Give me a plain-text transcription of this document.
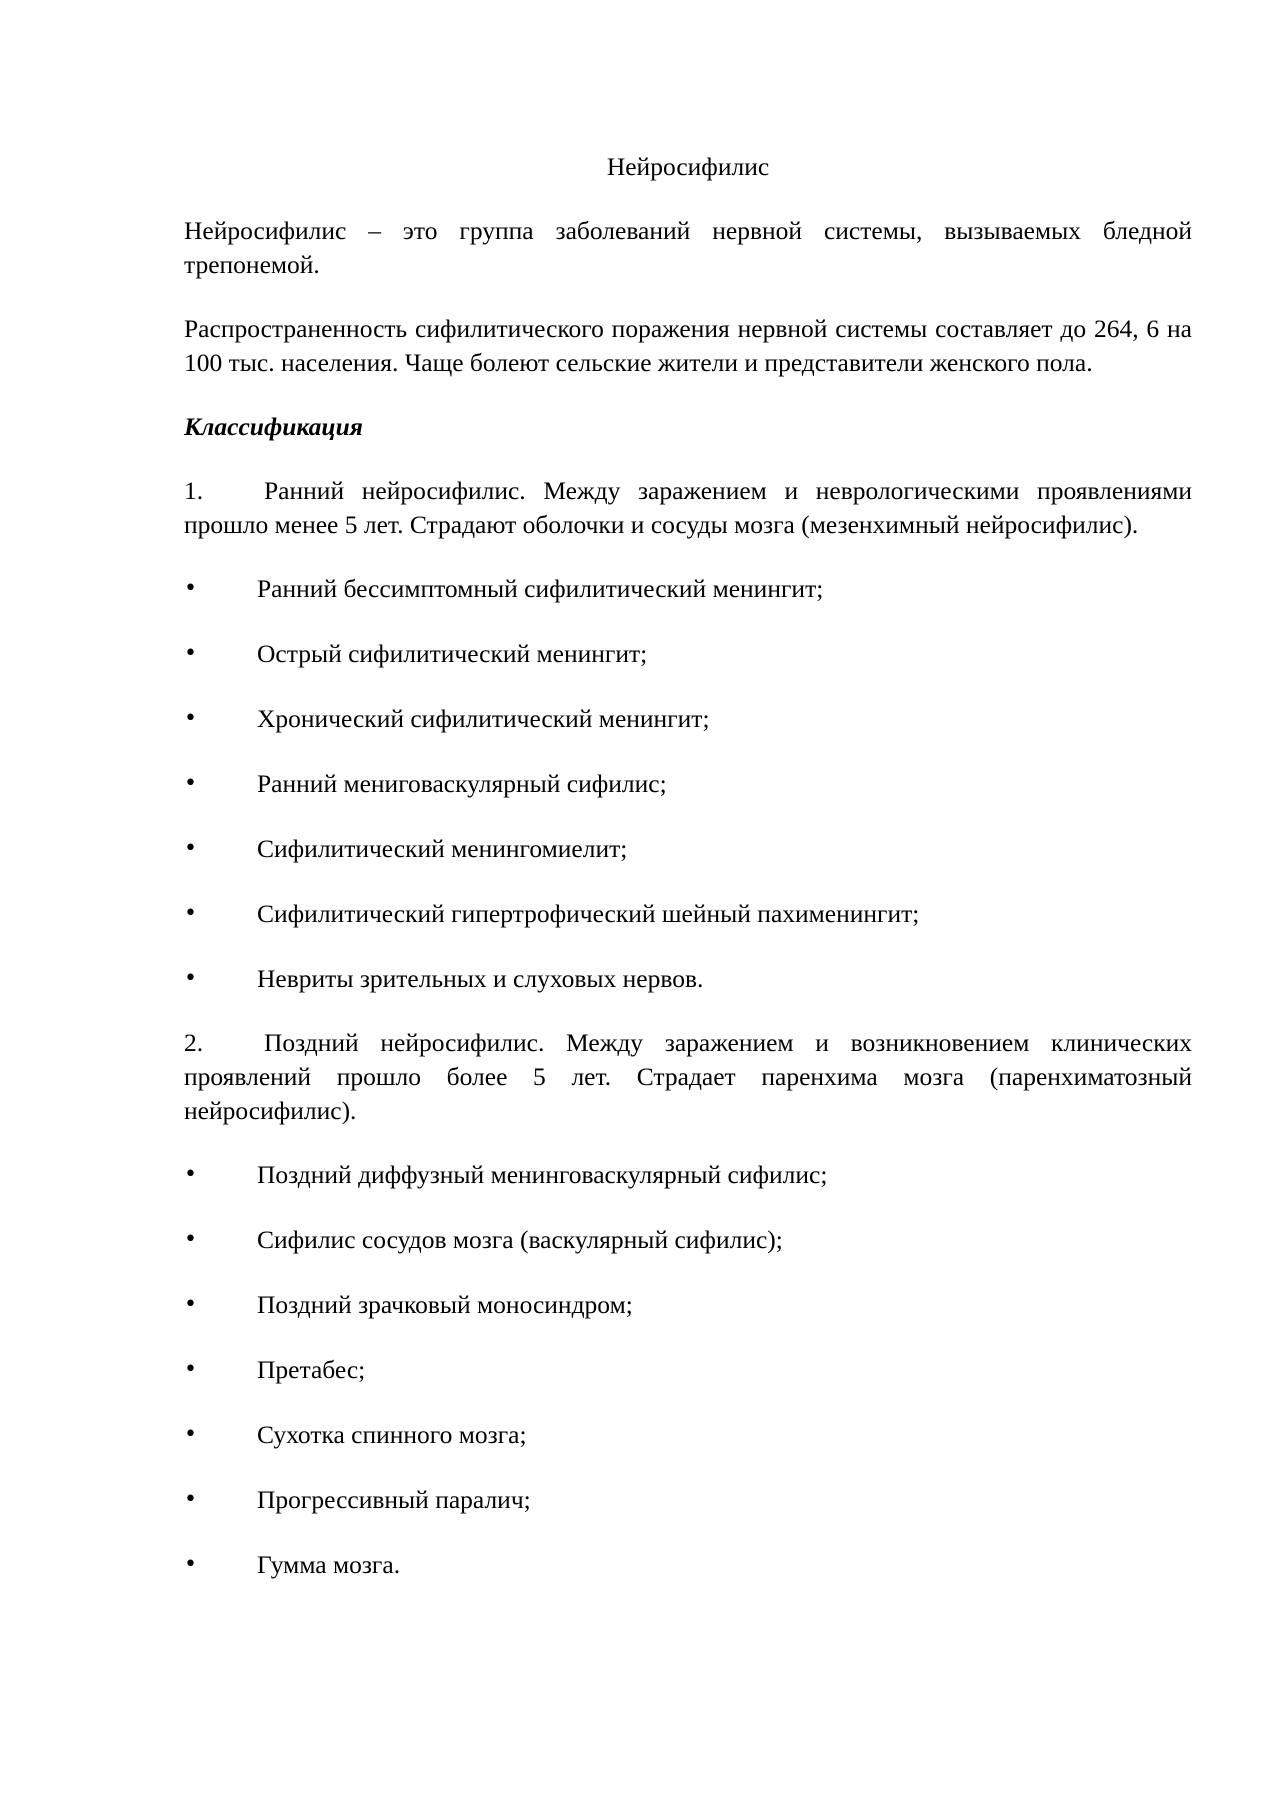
Нейросифилис

Нейросифилис – это группа заболеваний нервной системы, вызываемых бледной трепонемой.

Распространенность сифилитического поражения нервной системы составляет до 264, 6 на 100 тыс. населения. Чаще болеют сельские жители и представители женского пола.

Классификация

1. Ранний нейросифилис. Между заражением и неврологическими проявлениями прошло менее 5 лет. Страдают оболочки и сосуды мозга (мезенхимный нейросифилис).

• Ранний бессимптомный сифилитический менингит;
• Острый сифилитический менингит;
• Хронический сифилитический менингит;
• Ранний мениговаскулярный сифилис;
• Сифилитический менингомиелит;
• Сифилитический гипертрофический шейный пахименингит;
• Невриты зрительных и слуховых нервов.

2. Поздний нейросифилис. Между заражением и возникновением клинических проявлений прошло более 5 лет. Страдает паренхима мозга (паренхиматозный нейросифилис).

• Поздний диффузный менинговаскулярный сифилис;
• Сифилис сосудов мозга (васкулярный сифилис);
• Поздний зрачковый моносиндром;
• Претабес;
• Сухотка спинного мозга;
• Прогрессивный паралич;
• Гумма мозга.
